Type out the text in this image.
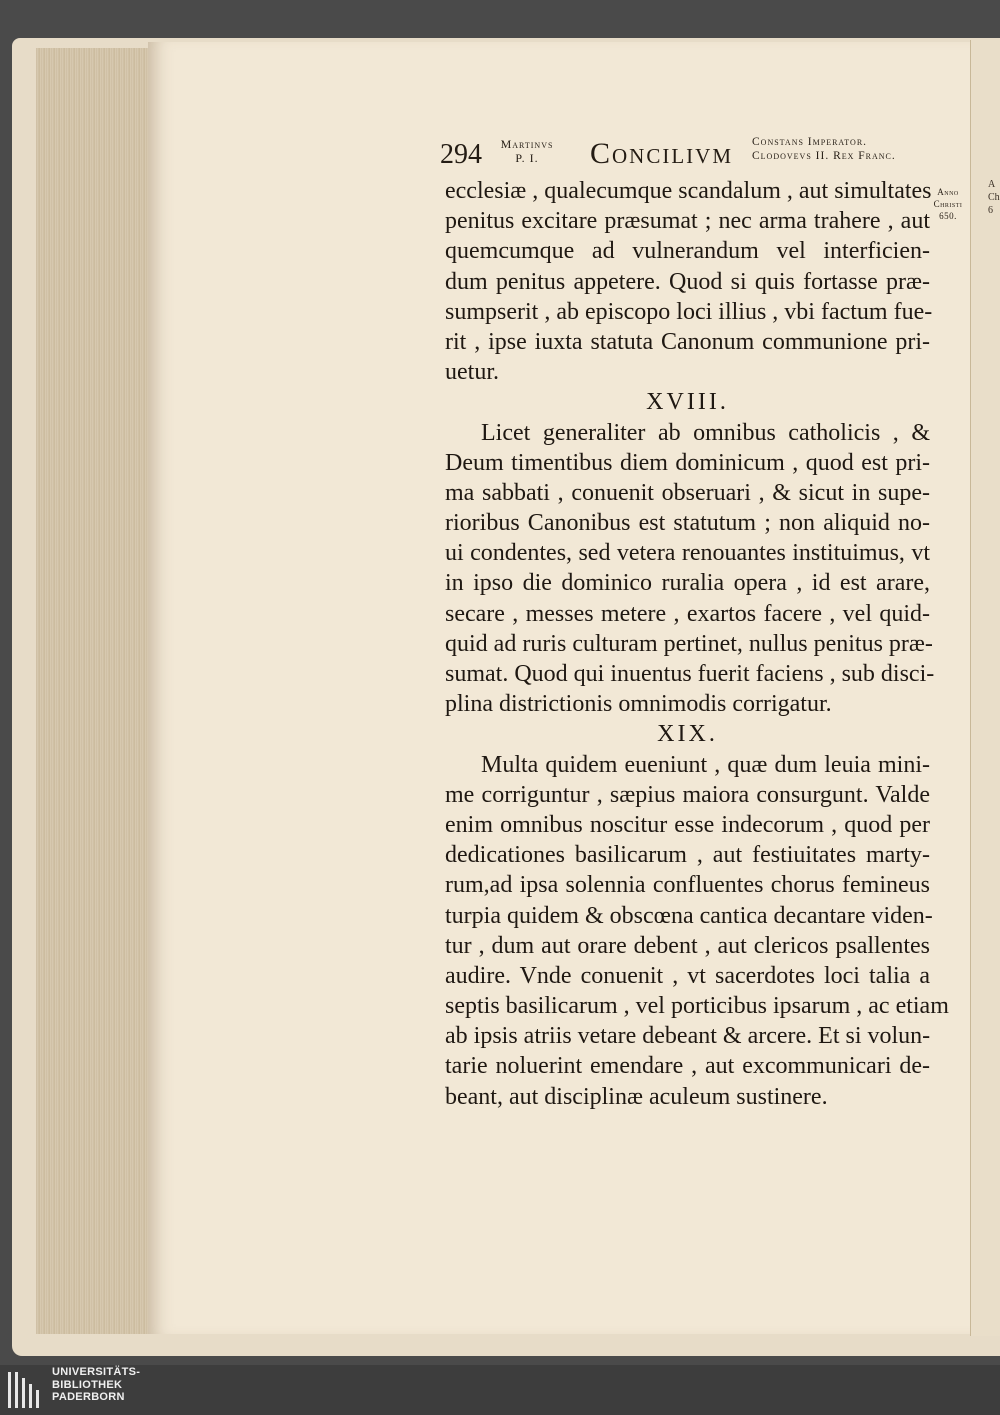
A
Ch
6
294	Martinvs
P. I.	Concilivm Constans Imperator.
Clodovevs II. Rex Franc.
Anno
Christi
650.
ecclesiæ , qualecumque scandalum , aut simultates
penitus excitare præsumat ; nec arma trahere , aut
quemcumque ad vulnerandum vel interficien-
dum penitus appetere. Quod si quis fortasse præ-
sumpserit , ab episcopo loci illius , vbi factum fue-
rit , ipse iuxta statuta Canonum communione pri-
uetur.
XVIII.
Licet generaliter ab omnibus catholicis , &
Deum timentibus diem dominicum , quod est pri-
ma sabbati , conuenit obseruari , & sicut in supe-
rioribus Canonibus est statutum ; non aliquid no-
ui condentes, sed vetera renouantes instituimus, vt
in ipso die dominico ruralia opera , id est arare,
secare , messes metere , exartos facere , vel quid-
quid ad ruris culturam pertinet, nullus penitus præ-
sumat. Quod qui inuentus fuerit faciens , sub disci-
plina districtionis omnimodis corrigatur.
XIX.
Multa quidem eueniunt , quæ dum leuia mini-
me corriguntur , sæpius maiora consurgunt. Valde
enim omnibus noscitur esse indecorum , quod per
dedicationes basilicarum , aut festiuitates marty-
rum,ad ipsa solennia confluentes chorus femineus
turpia quidem & obscœna cantica decantare viden-
tur , dum aut orare debent , aut clericos psallentes
audire. Vnde conuenit , vt sacerdotes loci talia a
septis basilicarum , vel porticibus ipsarum , ac etiam
ab ipsis atriis vetare debeant & arcere. Et si volun-
tarie noluerint emendare , aut excommunicari de-
beant, aut disciplinæ aculeum sustinere.
UNIVERSITÄTS-
BIBLIOTHEK
PADERBORN
